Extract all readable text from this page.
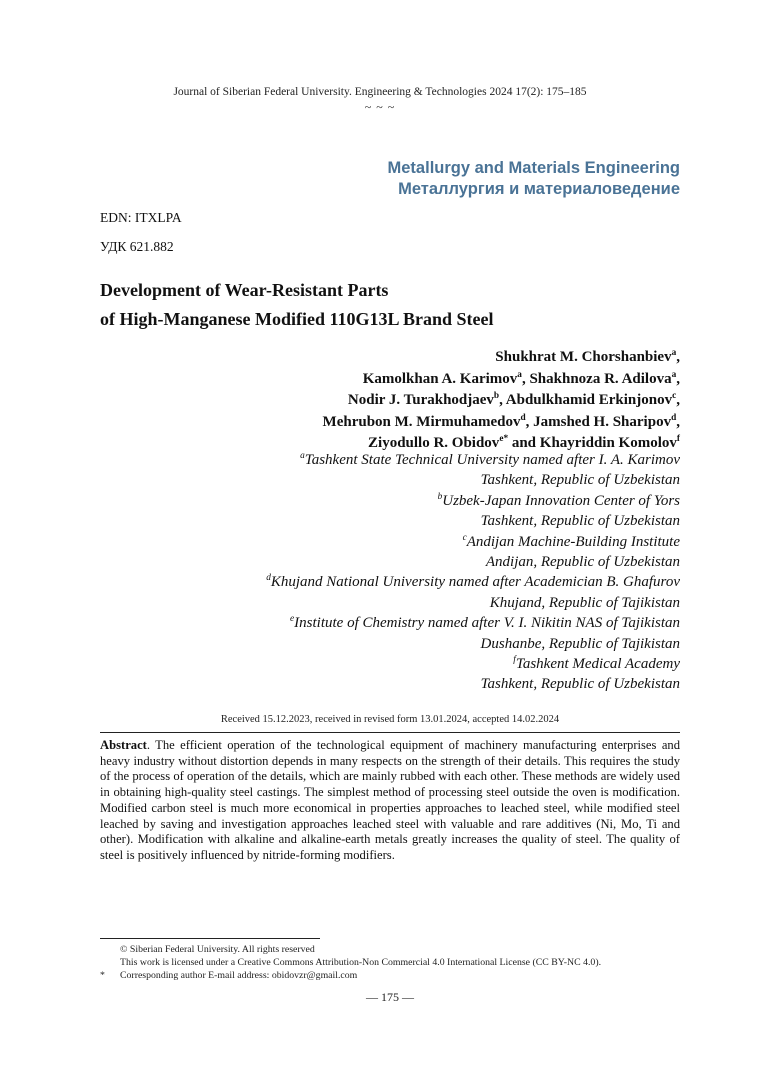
Journal of Siberian Federal University. Engineering & Technologies 2024 17(2): 175–185
~ ~ ~
Metallurgy and Materials Engineering
Металлургия и материаловедение
EDN: ITXLPA
УДК 621.882
Development of Wear-Resistant Parts
of High-Manganese Modified 110G13L Brand Steel
Shukhrat M. Chorshanbiev$^a$,
Kamolkhan A. Karimov$^a$, Shakhnoza R. Adilova$^a$,
Nodir J. Turakhodjaev$^b$, Abdulkhamid Erkinjonov$^c$,
Mehrubon M. Mirmuhamedov$^d$, Jamshed H. Sharipov$^d$,
Ziyodullo R. Obidov$^{e*}$ and Khayriddin Komolov$^f$
$^a$Tashkent State Technical University named after I. A. Karimov
Tashkent, Republic of Uzbekistan
$^b$Uzbek-Japan Innovation Center of Yors
Tashkent, Republic of Uzbekistan
$^c$Andijan Machine-Building Institute
Andijan, Republic of Uzbekistan
$^d$Khujand National University named after Academician B. Ghafurov
Khujand, Republic of Tajikistan
$^e$Institute of Chemistry named after V. I. Nikitin NAS of Tajikistan
Dushanbe, Republic of Tajikistan
$^f$Tashkent Medical Academy
Tashkent, Republic of Uzbekistan
Received 15.12.2023, received in revised form 13.01.2024, accepted 14.02.2024
Abstract. The efficient operation of the technological equipment of machinery manufacturing enterprises and heavy industry without distortion depends in many respects on the strength of their details. This requires the study of the process of operation of the details, which are mainly rubbed with each other. These methods are widely used in obtaining high-quality steel castings. The simplest method of processing steel outside the oven is modification. Modified carbon steel is much more economical in properties approaches to leached steel, while modified steel leached by saving and investigation approaches leached steel with valuable and rare additives (Ni, Mo, Ti and other). Modification with alkaline and alkaline-earth metals greatly increases the quality of steel. The quality of steel is positively influenced by nitride-forming modifiers.
© Siberian Federal University. All rights reserved
This work is licensed under a Creative Commons Attribution-Non Commercial 4.0 International License (CC BY-NC 4.0).
* Corresponding author E-mail address: obidovzr@gmail.com
— 175 —
